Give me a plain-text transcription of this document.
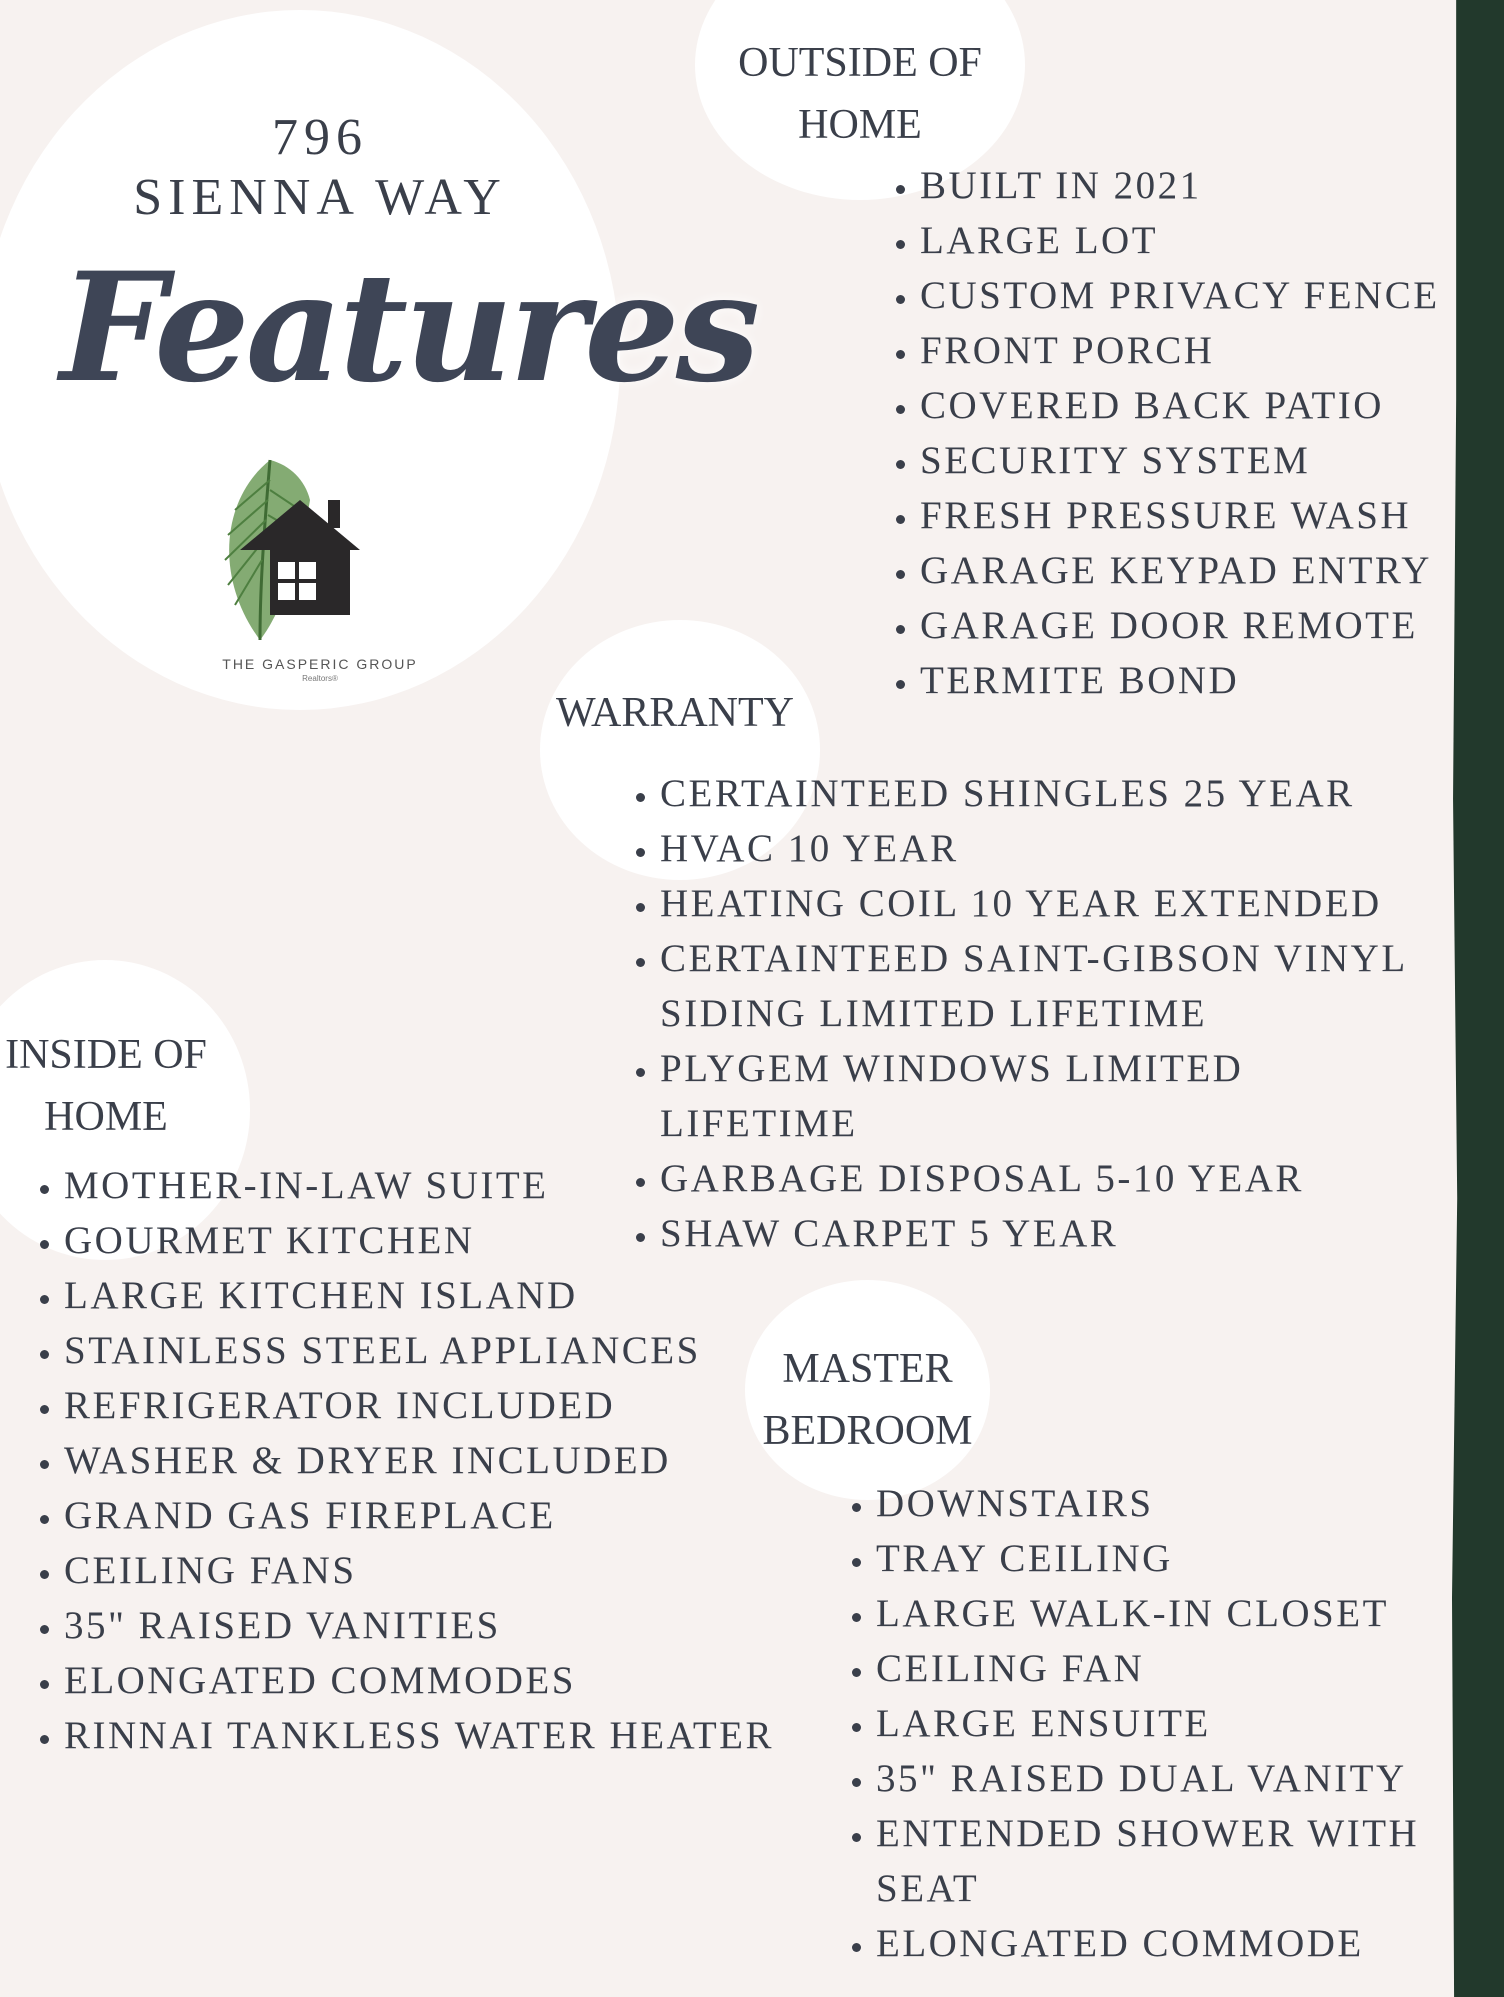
796
SIENNA WAY
Features
THE GASPERIC GROUP
Realtors®
OUTSIDE OF
HOME
• BUILT IN 2021
• LARGE LOT
• CUSTOM PRIVACY FENCE
• FRONT PORCH
• COVERED BACK PATIO
• SECURITY SYSTEM
• FRESH PRESSURE WASH
• GARAGE KEYPAD ENTRY
• GARAGE DOOR REMOTE
• TERMITE BOND
WARRANTY
• CERTAINTEED SHINGLES 25 YEAR
• HVAC 10 YEAR
• HEATING COIL 10 YEAR EXTENDED
• CERTAINTEED SAINT-GIBSON VINYL SIDING LIMITED LIFETIME
• PLYGEM WINDOWS LIMITED LIFETIME
• GARBAGE DISPOSAL 5-10 YEAR
• SHAW CARPET 5 YEAR
INSIDE OF
HOME
• MOTHER-IN-LAW SUITE
• GOURMET KITCHEN
• LARGE KITCHEN ISLAND
• STAINLESS STEEL APPLIANCES
• REFRIGERATOR INCLUDED
• WASHER & DRYER INCLUDED
• GRAND GAS FIREPLACE
• CEILING FANS
• 35" RAISED VANITIES
• ELONGATED COMMODES
• RINNAI TANKLESS WATER HEATER
MASTER
BEDROOM
• DOWNSTAIRS
• TRAY CEILING
• LARGE WALK-IN CLOSET
• CEILING FAN
• LARGE ENSUITE
• 35" RAISED DUAL VANITY
• ENTENDED SHOWER WITH SEAT
• ELONGATED COMMODE
